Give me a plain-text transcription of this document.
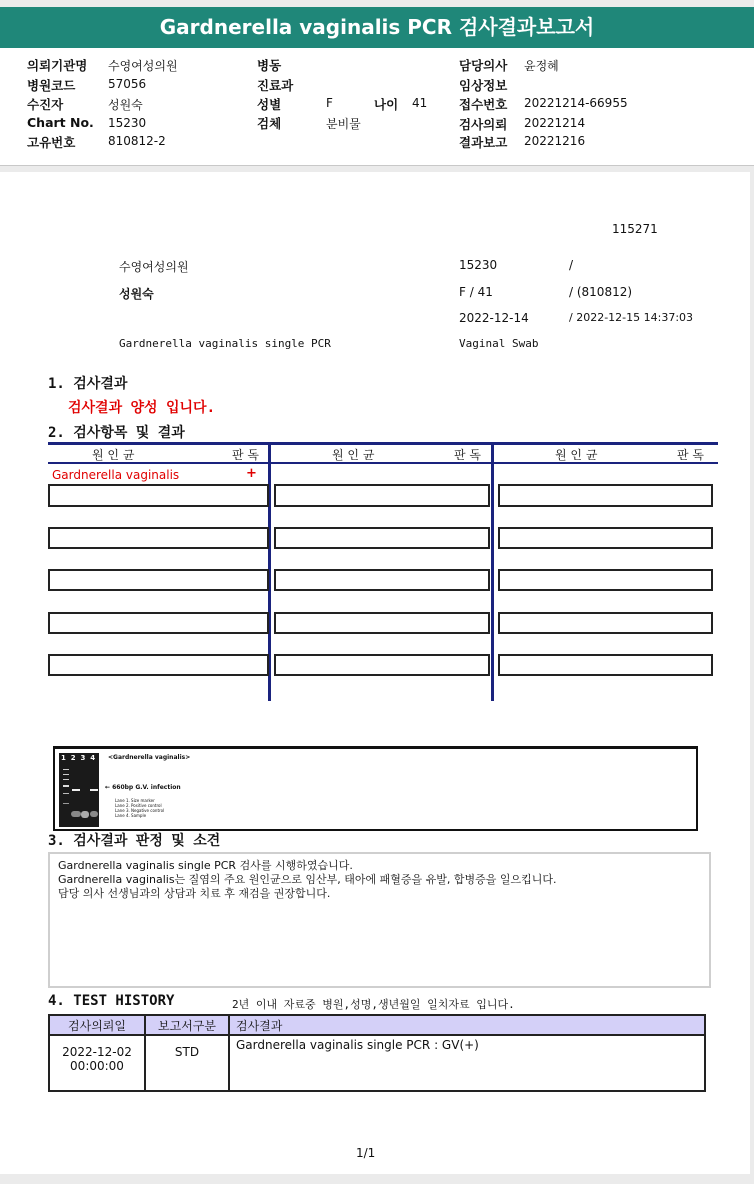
Gardnerella vaginalis PCR 검사결과보고서
의뢰기관명 수영여성의원
병원코드	57056
수진자	성원숙
Chart No. 15230
고유번호	810812-2
병동
진료과
성별	F	나이 41
검체	분비물
담당의사 윤정혜
임상정보
접수번호 20221214-66955
검사의뢰 20221214
결과보고 20221216
115271
수영여성의원	15230	/
성원숙	F / 41	/ (810812)
2022-12-14	/ 2022-12-15 14:37:03
Gardnerella vaginalis single PCR	Vaginal Swab
1. 검사결과
검사결과 양성 입니다.
2. 검사항목 및 결과
원 인 균	판 독	원 인 균	판 독	원 인 균	판 독
Gardnerella vaginalis	+
1  2  3  4 <Gardnerella vaginalis>
← 660bp G.V. infection
Lane 1. Size marker
Lane 2. Positive control
Lane 3. Negative control
Lane 4. Sample
3. 검사결과 판정 및 소견
Gardnerella vaginalis single PCR 검사를 시행하였습니다.
Gardnerella vaginalis는 질염의 주요 원인균으로 임산부, 태아에 패혈증을 유발, 합병증을 일으킵니다.
담당 의사 선생님과의 상담과 치료 후 재검을 권장합니다.
4. TEST HISTORY	2년 이내 자료중 병원,성명,생년월일 일치자료 입니다.
검사의뢰일	보고서구분	검사결과

2022-12-02
00:00:00	STD	Gardnerella vaginalis single PCR : GV(+)
1/1
